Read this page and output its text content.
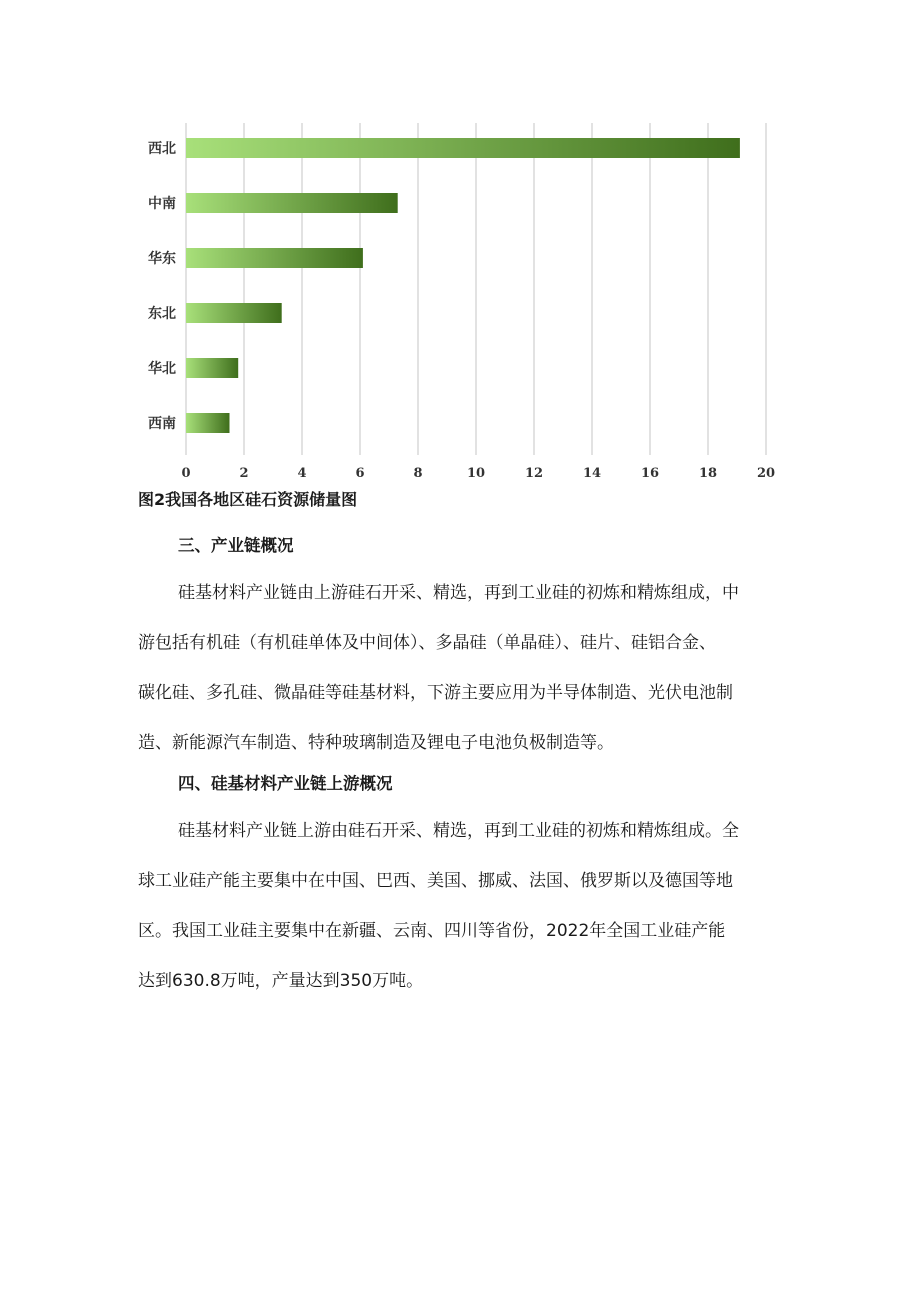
西北
中南
华东
东北
华北
西南
0	2	4	6	8	10	12	14	16	18	20
图2我国各地区硅石资源储量图
三、产业链概况
硅基材料产业链由上游硅石开采、精选，再到工业硅的初炼和精炼组成，中
游包括有机硅（有机硅单体及中间体）、多晶硅（单晶硅）、硅片、硅铝合金、
碳化硅、多孔硅、微晶硅等硅基材料，下游主要应用为半导体制造、光伏电池制
造、新能源汽车制造、特种玻璃制造及锂电子电池负极制造等。
四、硅基材料产业链上游概况
硅基材料产业链上游由硅石开采、精选，再到工业硅的初炼和精炼组成。全
球工业硅产能主要集中在中国、巴西、美国、挪威、法国、俄罗斯以及德国等地
区。我国工业硅主要集中在新疆、云南、四川等省份，2022年全国工业硅产能
达到630.8万吨，产量达到350万吨。
